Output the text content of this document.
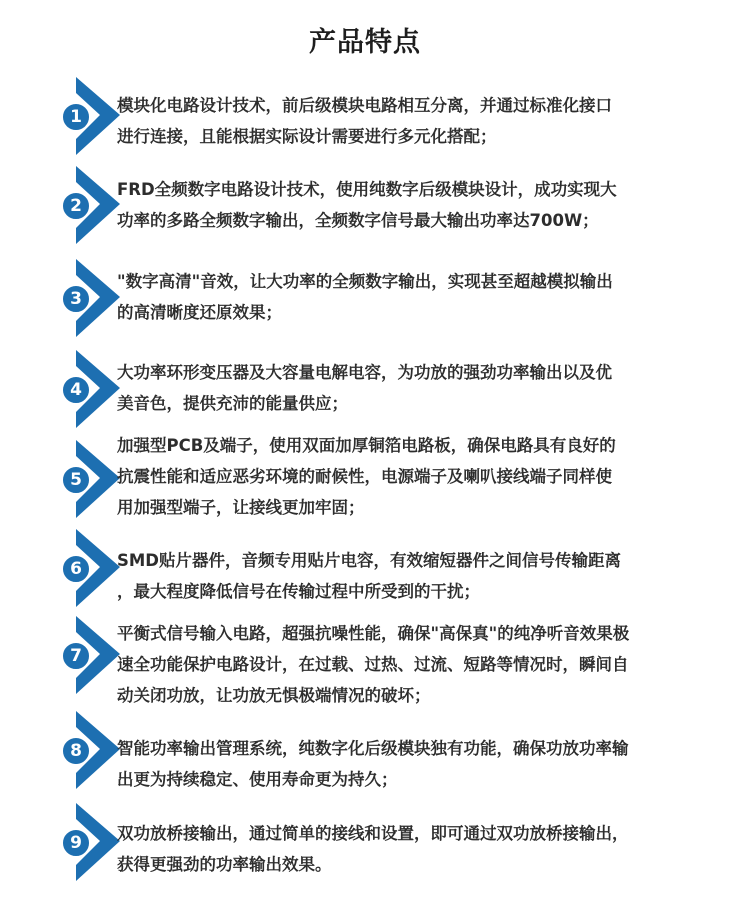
产品特点
1
模块化电路设计技术，前后级模块电路相互分离，并通过标准化接口
进行连接，且能根据实际设计需要进行多元化搭配；
2
FRD全频数字电路设计技术，使用纯数字后级模块设计，成功实现大
功率的多路全频数字输出，全频数字信号最大输出功率达700W；
3
"数字高清"音效，让大功率的全频数字输出，实现甚至超越模拟输出
的高清晰度还原效果；
4
大功率环形变压器及大容量电解电容，为功放的强劲功率输出以及优
美音色，提供充沛的能量供应；
5
加强型PCB及端子，使用双面加厚铜箔电路板，确保电路具有良好的
抗震性能和适应恶劣环境的耐候性，电源端子及喇叭接线端子同样使
用加强型端子，让接线更加牢固；
6	SMD贴片器件，音频专用贴片电容，有效缩短器件之间信号传输距离
，最大程度降低信号在传输过程中所受到的干扰；
7
平衡式信号输入电路，超强抗噪性能，确保"高保真"的纯净听音效果极
速全功能保护电路设计，在过载、过热、过流、短路等情况时，瞬间自
动关闭功放，让功放无惧极端情况的破坏；
8	智能功率输出管理系统，纯数字化后级模块独有功能，确保功放功率输
出更为持续稳定、使用寿命更为持久；
9	双功放桥接输出，通过简单的接线和设置，即可通过双功放桥接输出，
获得更强劲的功率输出效果。
